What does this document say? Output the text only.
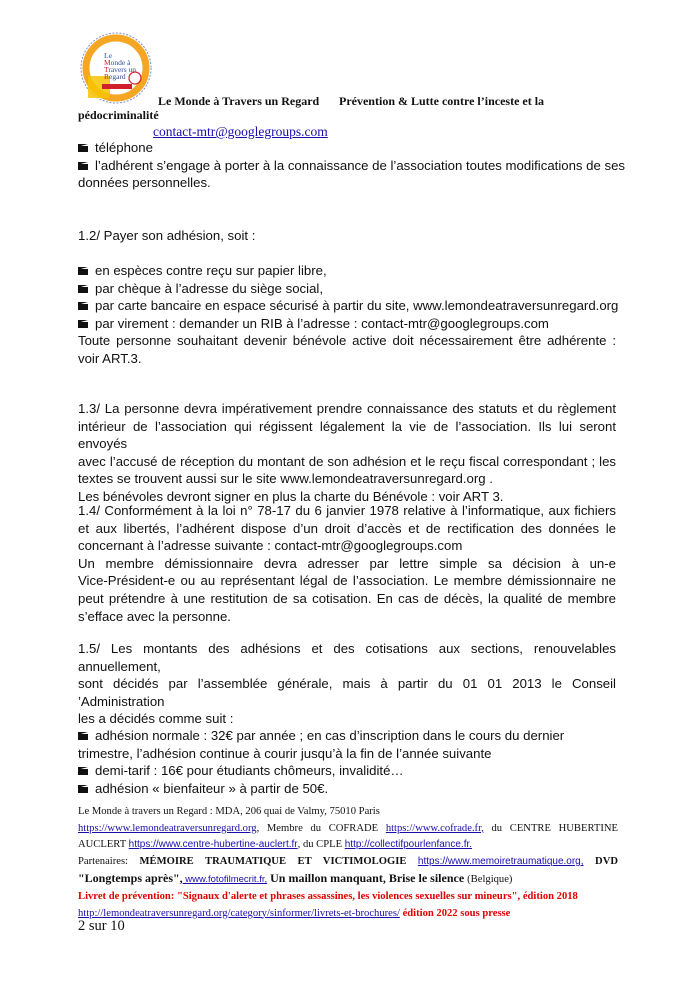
Le
Monde à
Travers un
Regard
Le Monde à Travers un Regard Prévention & Lutte contre l’inceste et la
pédocriminalité
contact-mtr@googlegroups.com
téléphone
l’adhérent s’engage à porter à la connaissance de l’association toutes modifications de ses
données personnelles.
1.2/ Payer son adhésion, soit :
en espèces contre reçu sur papier libre,
par chèque à l’adresse du siège social,
par carte bancaire en espace sécurisé à partir du site, www.lemondeatraversunregard.org
par virement : demander un RIB à l’adresse : contact-mtr@googlegroups.com
Toute personne souhaitant devenir bénévole active doit nécessairement être adhérente :
voir ART.3.
1.3/ La personne devra impérativement prendre connaissance des statuts et du règlement
intérieur de l’association qui régissent légalement la vie de l’association. Ils lui seront envoyés
avec l’accusé de réception du montant de son adhésion et le reçu fiscal correspondant ; les
textes se trouvent aussi sur le site www.lemondeatraversunregard.org .
Les bénévoles devront signer en plus la charte du Bénévole : voir ART 3.
1.4/ Conformément à la loi n° 78-17 du 6 janvier 1978 relative à l’informatique, aux fichiers
et aux libertés, l’adhérent dispose d’un droit d’accès et de rectification des données le
concernant à l’adresse suivante : contact-mtr@googlegroups.com
Un membre démissionnaire devra adresser par lettre simple sa décision à un-e
Vice-Président-e ou au représentant légal de l’association. Le membre démissionnaire ne
peut prétendre à une restitution de sa cotisation. En cas de décès, la qualité de membre
s’efface avec la personne.
1.5/ Les montants des adhésions et des cotisations aux sections, renouvelables
annuellement,
sont décidés par l’assemblée générale, mais à partir du 01 01 2013 le Conseil ’Administration
les a décidés comme suit :
adhésion normale : 32€ par année ; en cas d’inscription dans le cours du dernier
trimestre, l’adhésion continue à courir jusqu’à la fin de l’année suivante
demi-tarif : 16€ pour étudiants chômeurs, invalidité…
adhésion « bienfaiteur » à partir de 50€.
Le Monde à travers un Regard : MDA, 206 quai de Valmy, 75010 Paris
https://www.lemondeatraversunregard.org, Membre du COFRADE https://www.cofrade.fr, du CENTRE HUBERTINE
AUCLERT https://www.centre-hubertine-auclert.fr, du CPLE http://collectifpourlenfance.fr.
Partenaires: MÉMOIRE TRAUMATIQUE ET VICTIMOLOGIE https://www.memoiretraumatique.org, DVD
"Longtemps après", www.fotofilmecrit.fr, Un maillon manquant, Brise le silence (Belgique)
Livret de prévention: "Signaux d'alerte et phrases assassines, les violences sexuelles sur mineurs", édition 2018
http://lemondeatraversunregard.org/category/sinformer/livrets-et-brochures/ édition 2022 sous presse
2 sur 10
